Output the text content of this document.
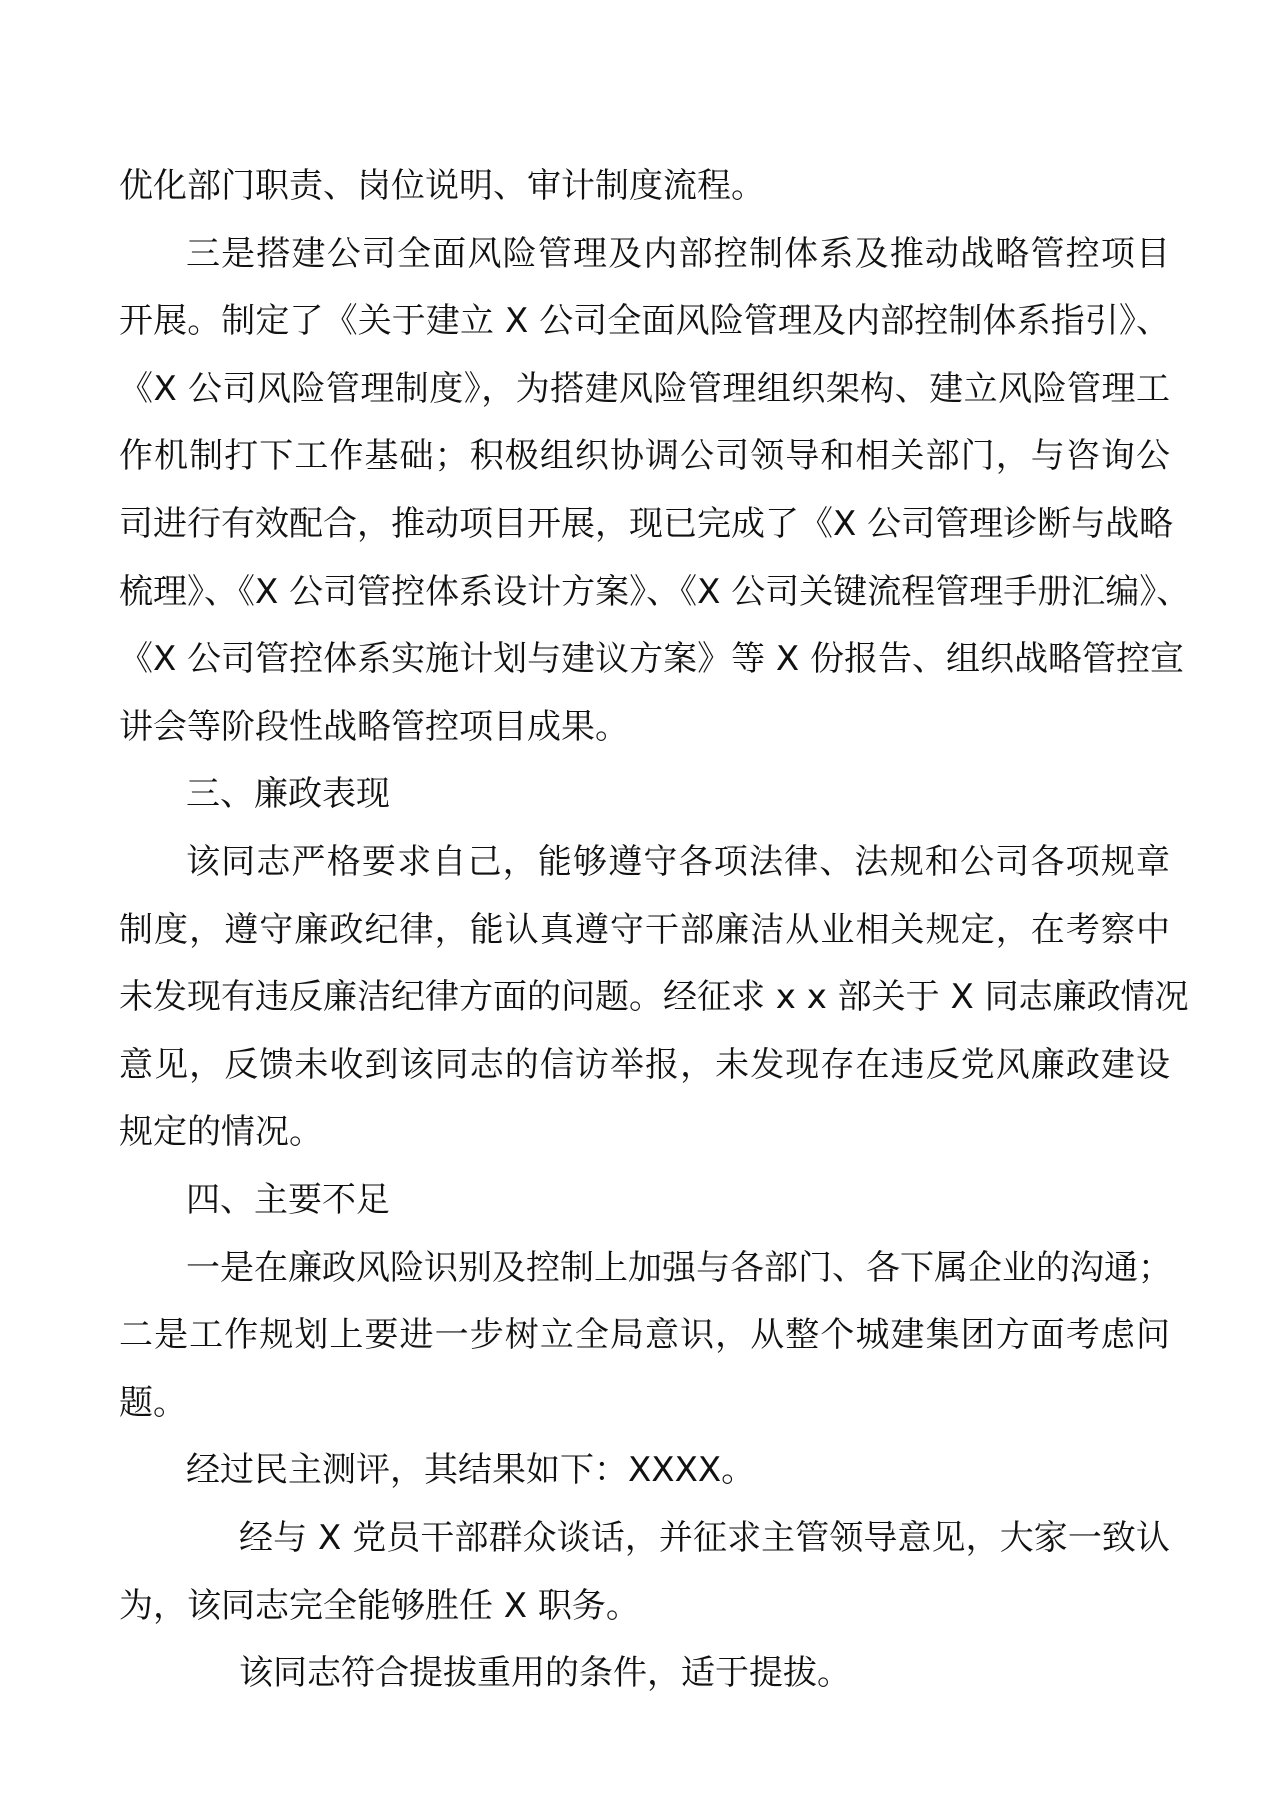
优化部门职责、岗位说明、审计制度流程。
三是搭建公司全面风险管理及内部控制体系及推动战略管控项目
开展。制定了《关于建立 X 公司全面风险管理及内部控制体系指引》、
《X 公司风险管理制度》，为搭建风险管理组织架构、建立风险管理工
作机制打下工作基础；积极组织协调公司领导和相关部门，与咨询公
司进行有效配合，推动项目开展，现已完成了《X 公司管理诊断与战略
梳理》、《X 公司管控体系设计方案》、《X 公司关键流程管理手册汇编》、
《X 公司管控体系实施计划与建议方案》等 X 份报告、组织战略管控宣
讲会等阶段性战略管控项目成果。
三、廉政表现
该同志严格要求自己，能够遵守各项法律、法规和公司各项规章
制度，遵守廉政纪律，能认真遵守干部廉洁从业相关规定，在考察中
未发现有违反廉洁纪律方面的问题。经征求 x x 部关于 X 同志廉政情况
意见，反馈未收到该同志的信访举报，未发现存在违反党风廉政建设
规定的情况。
四、主要不足
一是在廉政风险识别及控制上加强与各部门、各下属企业的沟通；
二是工作规划上要进一步树立全局意识，从整个城建集团方面考虑问
题。
经过民主测评，其结果如下：XXXX。
经与 X 党员干部群众谈话，并征求主管领导意见，大家一致认
为，该同志完全能够胜任 X 职务。
该同志符合提拔重用的条件，适于提拔。
